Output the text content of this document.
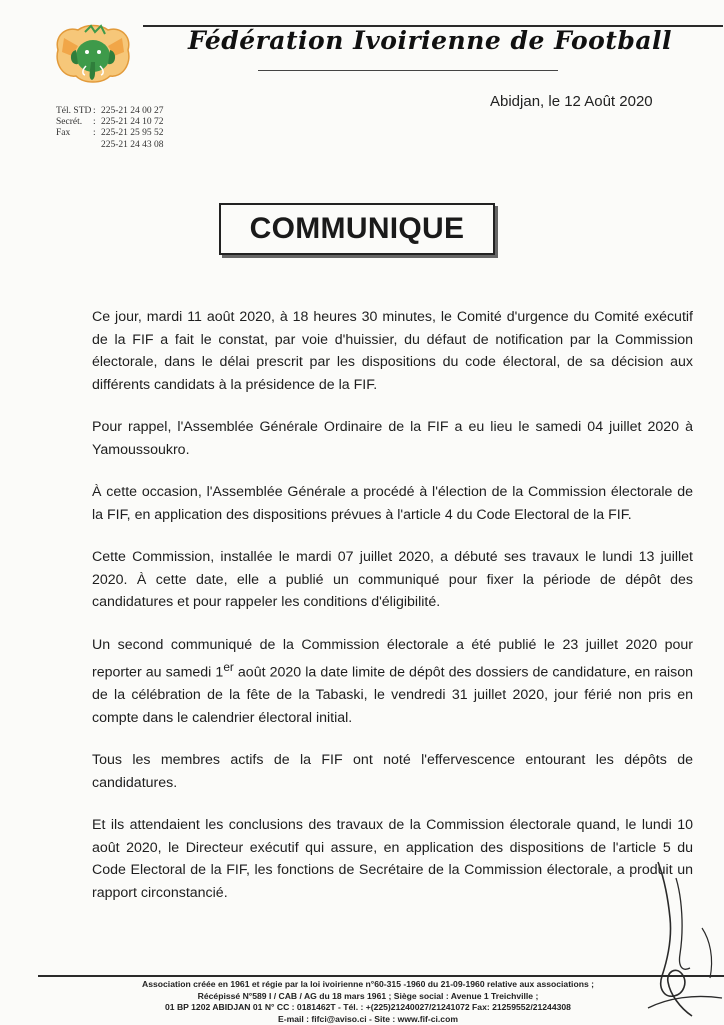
Fédération Ivoirienne de Football
Tél. STD : 225-21 24 00 27
Secrét.	: 225-21 24 10 72
Fax	: 225-21 25 95 52
225-21 24 43 08
Abidjan, le 12 Août 2020
COMMUNIQUE

Ce jour, mardi 11 août 2020, à 18 heures 30 minutes, le Comité d'urgence du Comité exécutif de la FIF a fait le constat, par voie d'huissier, du défaut de notification par la Commission électorale, dans le délai prescrit par les dispositions du code électoral, de sa décision aux différents candidats à la présidence de la FIF.

Pour rappel, l'Assemblée Générale Ordinaire de la FIF a eu lieu le samedi 04 juillet 2020 à Yamoussoukro.

À cette occasion, l'Assemblée Générale a procédé à l'élection de la Commission électorale de la FIF, en application des dispositions prévues à l'article 4 du Code Electoral de la FIF.

Cette Commission, installée le mardi 07 juillet 2020, a débuté ses travaux le lundi 13 juillet 2020. À cette date, elle a publié un communiqué pour fixer la période de dépôt des candidatures et pour rappeler les conditions d'éligibilité.

Un second communiqué de la Commission électorale a été publié le 23 juillet 2020 pour reporter au samedi 1er août 2020 la date limite de dépôt des dossiers de candidature, en raison de la célébration de la fête de la Tabaski, le vendredi 31 juillet 2020, jour férié non pris en compte dans le calendrier électoral initial.

Tous les membres actifs de la FIF ont noté l'effervescence entourant les dépôts de candidatures.

Et ils attendaient les conclusions des travaux de la Commission électorale quand, le lundi 10 août 2020, le Directeur exécutif qui assure, en application des dispositions de l'article 5 du Code Electoral de la FIF, les fonctions de Secrétaire de la Commission électorale, a produit un rapport circonstancié.

Association créée en 1961 et régie par la loi ivoirienne n°60-315 -1960 du 21-09-1960 relative aux associations ;
Récépissé N°589 I / CAB / AG du 18 mars 1961 ; Siège social : Avenue 1 Treichville ;
01 BP 1202 ABIDJAN 01 N° CC : 0181462T - Tél. : +(225)21240027/21241072 Fax: 21259552/21244308
E-mail : fifci@aviso.ci - Site : www.fif-ci.com
